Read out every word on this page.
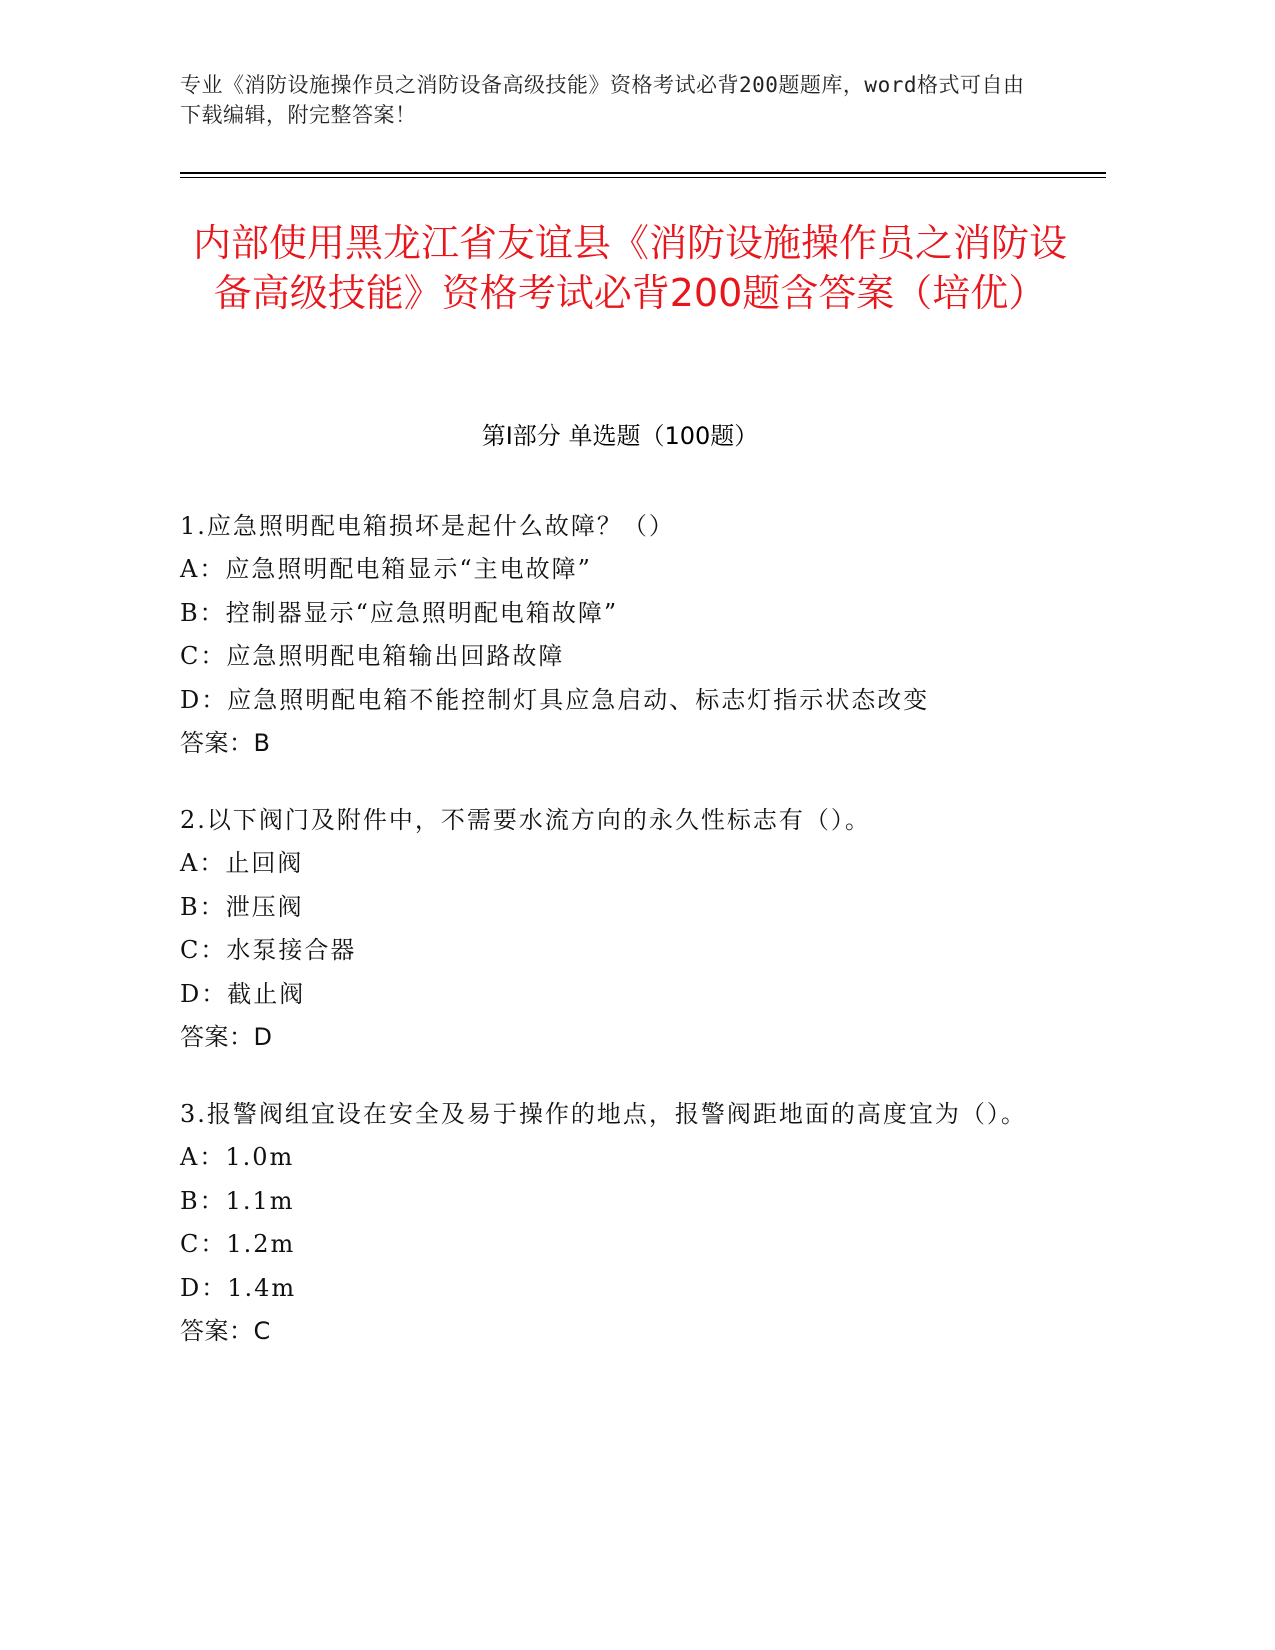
专业《消防设施操作员之消防设备高级技能》资格考试必背200题题库，word格式可自由下载编辑，附完整答案！
内部使用黑龙江省友谊县《消防设施操作员之消防设备高级技能》资格考试必背200题含答案（培优）
第Ⅰ部分 单选题（100题）

1.应急照明配电箱损坏是起什么故障？（）

A：应急照明配电箱显示“主电故障”

B：控制器显示“应急照明配电箱故障”

C：应急照明配电箱输出回路故障

D：应急照明配电箱不能控制灯具应急启动、标志灯指示状态改变

答案：B

2.以下阀门及附件中，不需要水流方向的永久性标志有（）。

A：止回阀

B：泄压阀

C：水泵接合器

D：截止阀

答案：D

3.报警阀组宜设在安全及易于操作的地点，报警阀距地面的高度宜为（）。

A：1.0m

B：1.1m

C：1.2m

D：1.4m

答案：C
